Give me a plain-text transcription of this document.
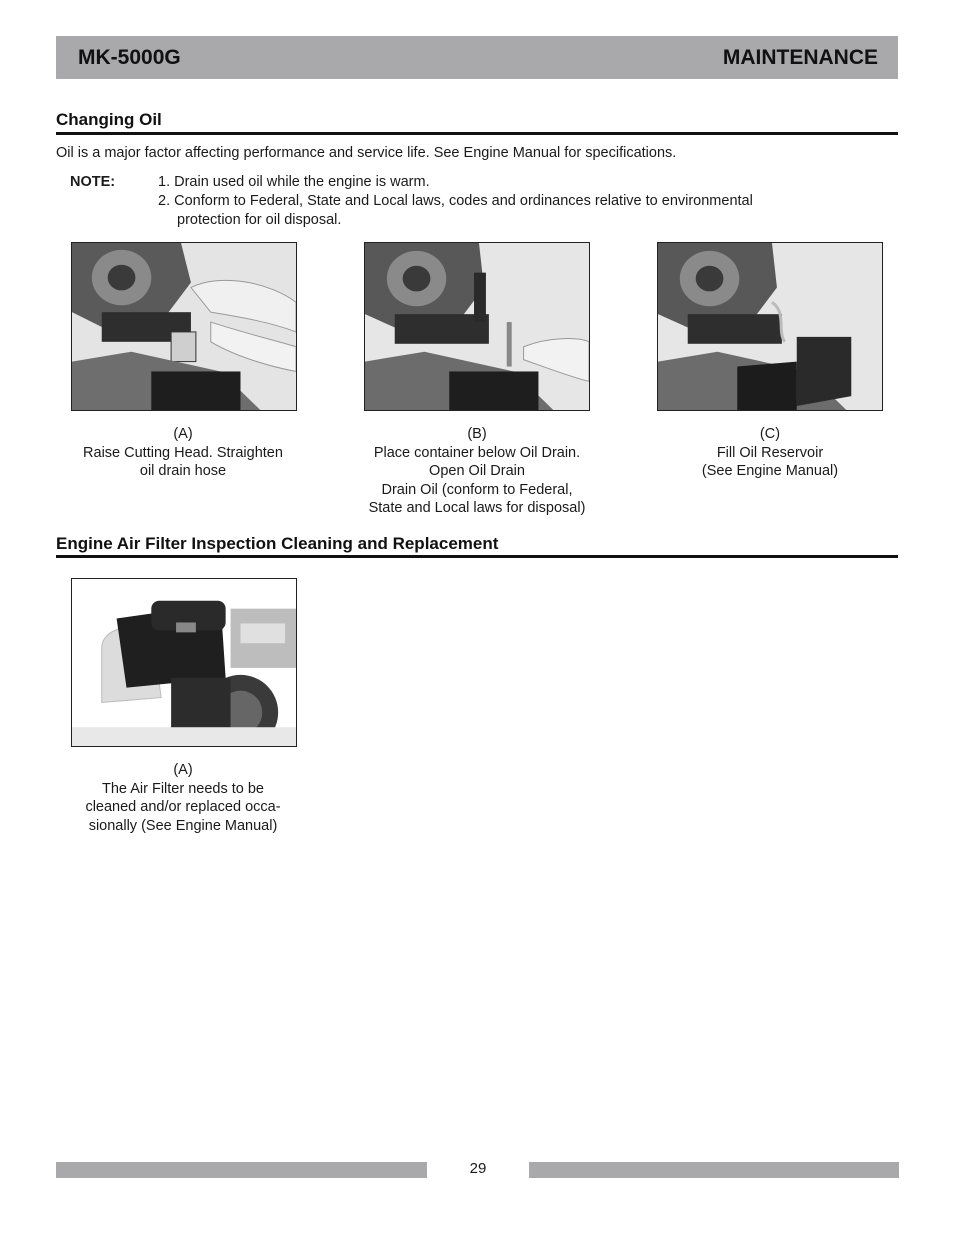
MK-5000G	MAINTENANCE
Changing Oil
Oil is a major factor affecting performance and service life. See Engine Manual for specifications.
NOTE:	1. Drain used oil while the engine is warm.
2. Conform to Federal, State and Local laws, codes and ordinances relative to environmental
protection for oil disposal.
(A)
Raise Cutting Head. Straighten
oil drain hose
(B)
Place container below Oil Drain.
Open Oil Drain
Drain Oil (conform to Federal,
State and Local laws for disposal)
(C)
Fill Oil Reservoir
(See Engine Manual)
Engine Air Filter Inspection Cleaning and Replacement
(A)
The Air Filter needs to be
cleaned and/or replaced occa-
sionally (See Engine Manual)
29
